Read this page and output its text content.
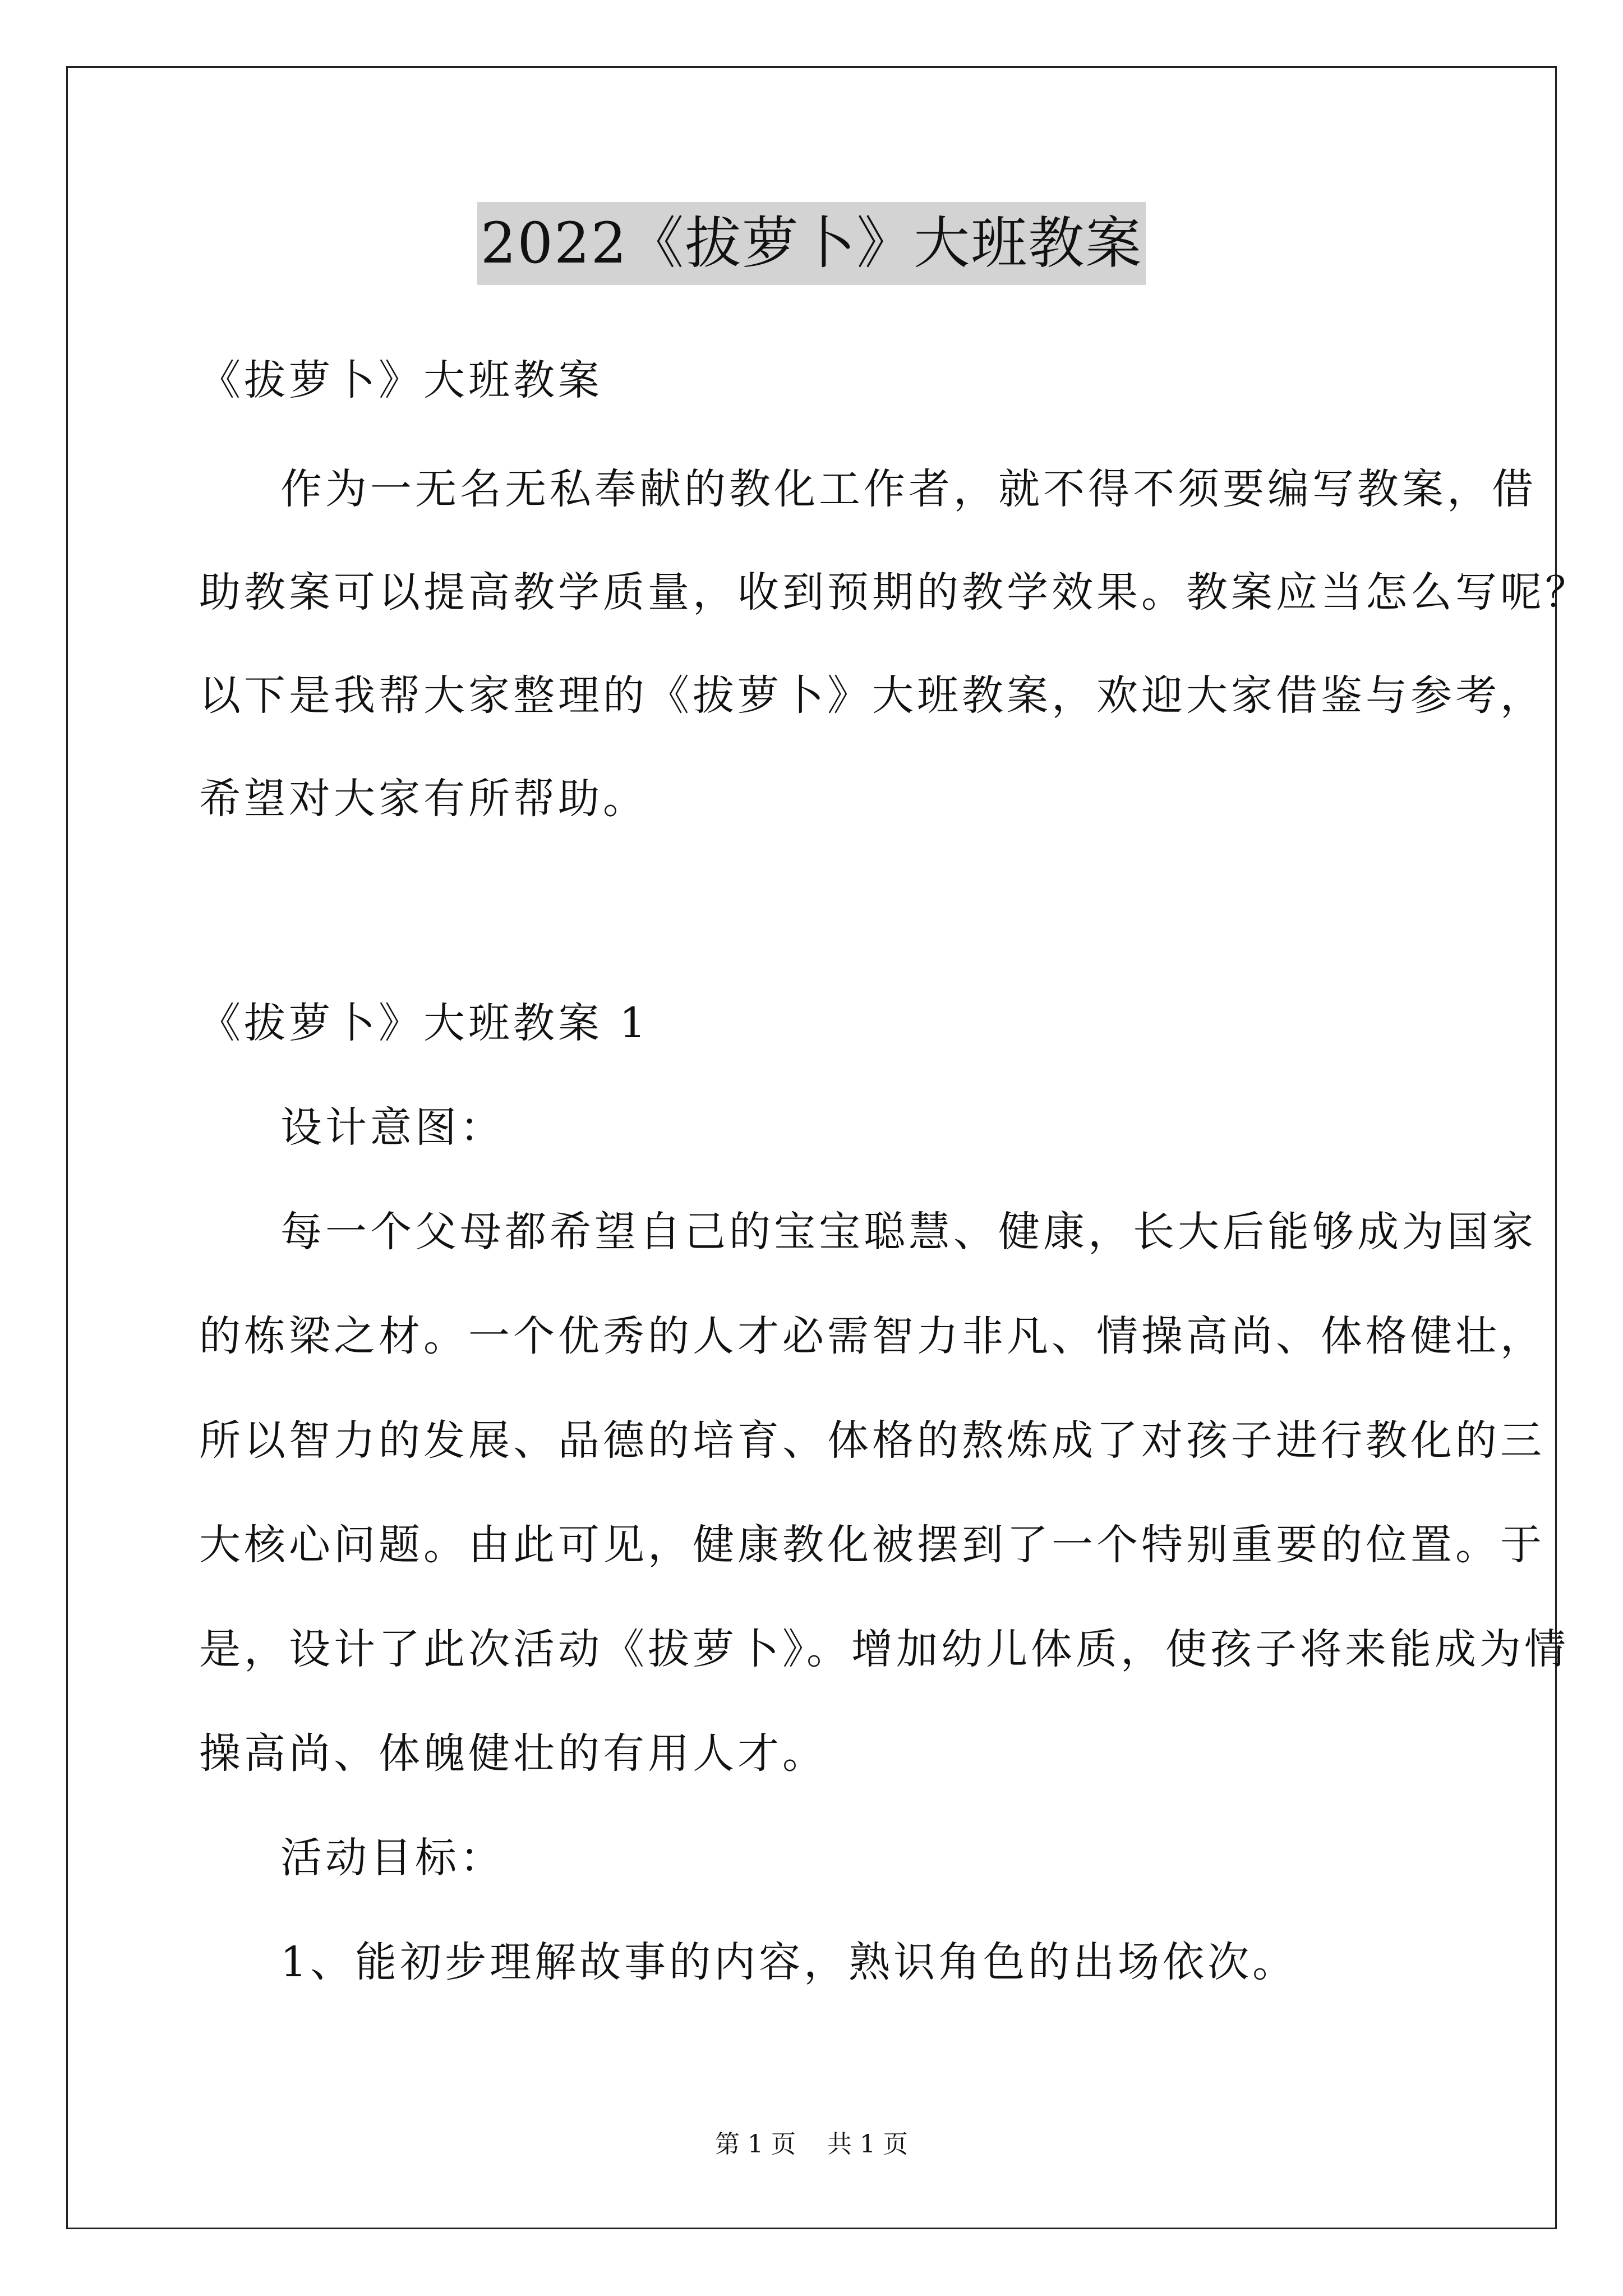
2022《拔萝卜》大班教案
《拔萝卜》大班教案
作为一无名无私奉献的教化工作者，就不得不须要编写教案，借
助教案可以提高教学质量，收到预期的教学效果。教案应当怎么写呢？
以下是我帮大家整理的《拔萝卜》大班教案，欢迎大家借鉴与参考，
希望对大家有所帮助。
《拔萝卜》大班教案 1
设计意图：
每一个父母都希望自己的宝宝聪慧、健康，长大后能够成为国家
的栋梁之材。一个优秀的人才必需智力非凡、情操高尚、体格健壮，
所以智力的发展、品德的培育、体格的熬炼成了对孩子进行教化的三
大核心问题。由此可见，健康教化被摆到了一个特别重要的位置。于
是，设计了此次活动《拔萝卜》。增加幼儿体质，使孩子将来能成为情
操高尚、体魄健壮的有用人才。
活动目标：
1、能初步理解故事的内容，熟识角色的出场依次。
第 1 页    共 1 页
